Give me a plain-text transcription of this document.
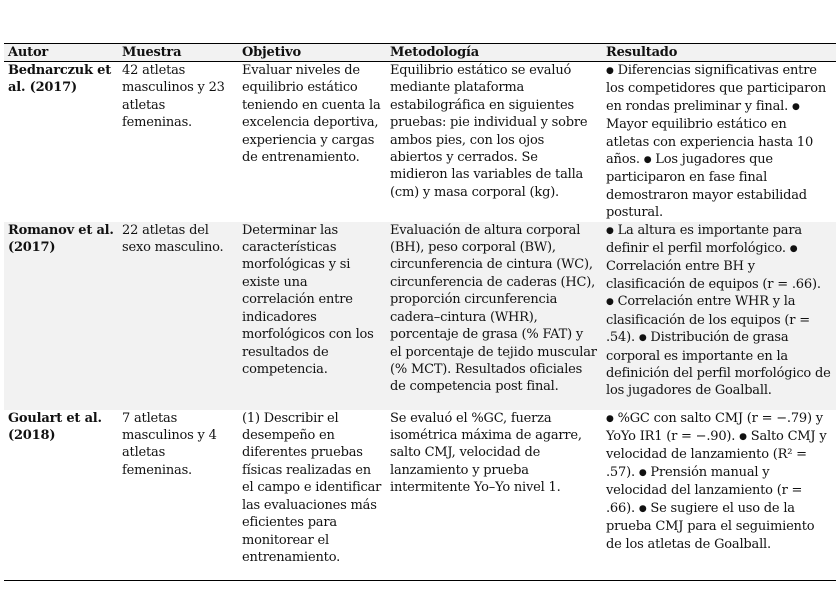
Autor	Muestra	Objetivo	Metodología	Resultado
Bednarczuk et al. (2017)	42 atletas masculinos y 23 atletas femeninas.	Evaluar niveles de equilibrio estático teniendo en cuenta la excelencia deportiva, experiencia y cargas de entrenamiento.	Equilibrio estático se evaluó mediante plataforma estabilográfica en siguientes pruebas: pie individual y sobre ambos pies, con los ojos abiertos y cerrados. Se midieron las variables de talla (cm) y masa corporal (kg).	● Diferencias significativas entre los competidores que participaron en rondas preliminar y final. ● Mayor equilibrio estático en atletas con experiencia hasta 10 años. ● Los jugadores que participaron en fase final demostraron mayor estabilidad postural.
Romanov et al. (2017)	22 atletas del sexo masculino.	Determinar las características morfológicas y si existe una correlación entre indicadores morfológicos con los resultados de competencia.	Evaluación de altura corporal (BH), peso corporal (BW), circunferencia de cintura (WC), circunferencia de caderas (HC), proporción circunferencia cadera–cintura (WHR), porcentaje de grasa (% FAT) y el porcentaje de tejido muscular (% MCT). Resultados oficiales de competencia post final.	● La altura es importante para definir el perfil morfológico. ● Correlación entre BH y clasificación de equipos (r = .66). ● Correlación entre WHR y la clasificación de los equipos (r = .54). ● Distribución de grasa corporal es importante en la definición del perfil morfológico de los jugadores de Goalball.
Goulart et al. (2018)	7 atletas masculinos y 4 atletas femeninas.	(1) Describir el desempeño en diferentes pruebas físicas realizadas en el campo e identificar las evaluaciones más eficientes para monitorear el entrenamiento.	Se evaluó el %GC, fuerza isométrica máxima de agarre, salto CMJ, velocidad de lanzamiento y prueba intermitente Yo–Yo nivel 1.	● %GC con salto CMJ (r = −.79) y YoYo IR1 (r = −.90). ● Salto CMJ y velocidad de lanzamiento (R² = .57). ● Prensión manual y velocidad del lanzamiento (r = .66). ● Se sugiere el uso de la prueba CMJ para el seguimiento de los atletas de Goalball.
